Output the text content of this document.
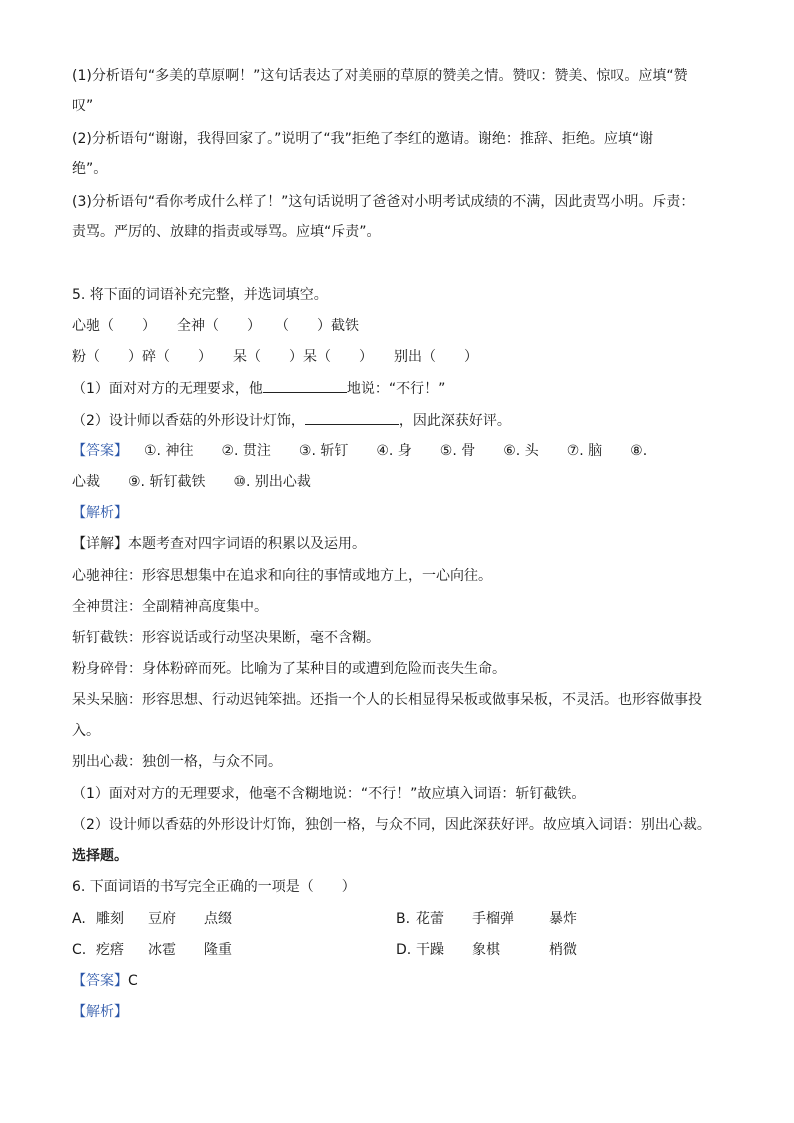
(1)分析语句“多美的草原啊！”这句话表达了对美丽的草原的赞美之情。赞叹：赞美、惊叹。应填“赞
叹”
(2)分析语句“谢谢，我得回家了。”说明了“我”拒绝了李红的邀请。谢绝：推辞、拒绝。应填“谢
绝”。
(3)分析语句“看你考成什么样了！”这句话说明了爸爸对小明考试成绩的不满，因此责骂小明。斥责：
责骂。严厉的、放肆的指责或辱骂。应填“斥责”。
5. 将下面的词语补充完整，并选词填空。
心驰（　　）　　全神（　　）　　（　　）截铁
粉（　　）碎（　　）　　呆（　　）呆（　　）　　别出（　　）
（1）面对对方的无理要求，他	地说：“不行！”
（2）设计师以香菇的外形设计灯饰，	，因此深获好评。
【答案】 ①. 神往　　②. 贯注　　③. 斩钉　　④. 身　　⑤. 骨　　⑥. 头　　⑦. 脑　　⑧.
心裁　　⑨. 斩钉截铁　　⑩. 别出心裁
【解析】
【详解】本题考查对四字词语的积累以及运用。
心驰神往：形容思想集中在追求和向往的事情或地方上，一心向往。
全神贯注：全副精神高度集中。
斩钉截铁：形容说话或行动坚决果断，毫不含糊。
粉身碎骨：身体粉碎而死。比喻为了某种目的或遭到危险而丧失生命。
呆头呆脑：形容思想、行动迟钝笨拙。还指一个人的长相显得呆板或做事呆板，不灵活。也形容做事投
入。
别出心裁：独创一格，与众不同。
（1）面对对方的无理要求，他毫不含糊地说：“不行！”故应填入词语：斩钉截铁。
（2）设计师以香菇的外形设计灯饰，独创一格，与众不同，因此深获好评。故应填入词语：别出心裁。
选择题。
6. 下面词语的书写完全正确的一项是（　　）
A. 雕刻 豆府 点缀	B. 花蕾 手榴弹	暴炸
C. 疙瘩 冰雹 隆重	D. 干躁 象棋	梢微
【答案】C
【解析】
